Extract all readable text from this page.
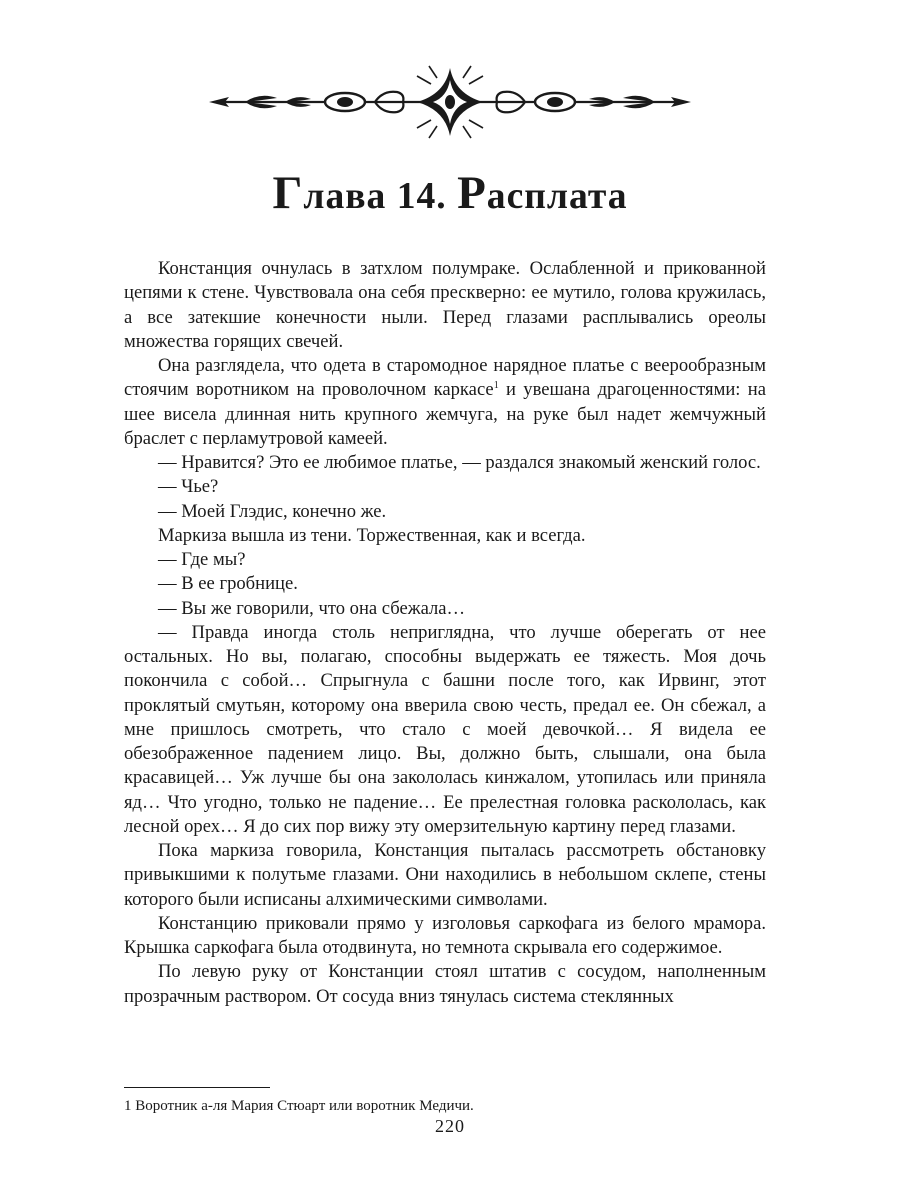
Глава 14. Расплата

Констанция очнулась в затхлом полумраке. Ослабленной и прикованной цепями к стене. Чувствовала она себя прескверно: ее мутило, голова кружилась, а все затекшие конечности ныли. Перед глазами расплывались ореолы множества горящих свечей.

Она разглядела, что одета в старомодное нарядное платье с веерообразным стоячим воротником на проволочном каркасе$^1$ и увешана драгоценностями: на шее висела длинная нить крупного жемчуга, на руке был надет жемчужный браслет с перламутровой камеей.

— Нравится? Это ее любимое платье, — раздался знакомый женский голос.

— Чье?

— Моей Глэдис, конечно же.

Маркиза вышла из тени. Торжественная, как и всегда.

— Где мы?

— В ее гробнице.

— Вы же говорили, что она сбежала…

— Правда иногда столь неприглядна, что лучше оберегать от нее остальных. Но вы, полагаю, способны выдержать ее тяжесть. Моя дочь покончила с собой… Спрыгнула с башни после того, как Ирвинг, этот проклятый смутьян, которому она вверила свою честь, предал ее. Он сбежал, а мне пришлось смотреть, что стало с моей девочкой… Я видела ее обезображенное падением лицо. Вы, должно быть, слышали, она была красавицей… Уж лучше бы она закололась кинжалом, утопилась или приняла яд… Что угодно, только не падение… Ее прелестная головка раскололась, как лесной орех… Я до сих пор вижу эту омерзительную картину перед глазами.

Пока маркиза говорила, Констанция пыталась рассмотреть обстановку привыкшими к полутьме глазами. Они находились в небольшом склепе, стены которого были исписаны алхимическими символами.

Констанцию приковали прямо у изголовья саркофага из белого мрамора. Крышка саркофага была отодвинута, но темнота скрывала его содержимое.

По левую руку от Констанции стоял штатив с сосудом, наполненным прозрачным раствором. От сосуда вниз тянулась система стеклянных

1 Воротник а-ля Мария Стюарт или воротник Медичи.
220
